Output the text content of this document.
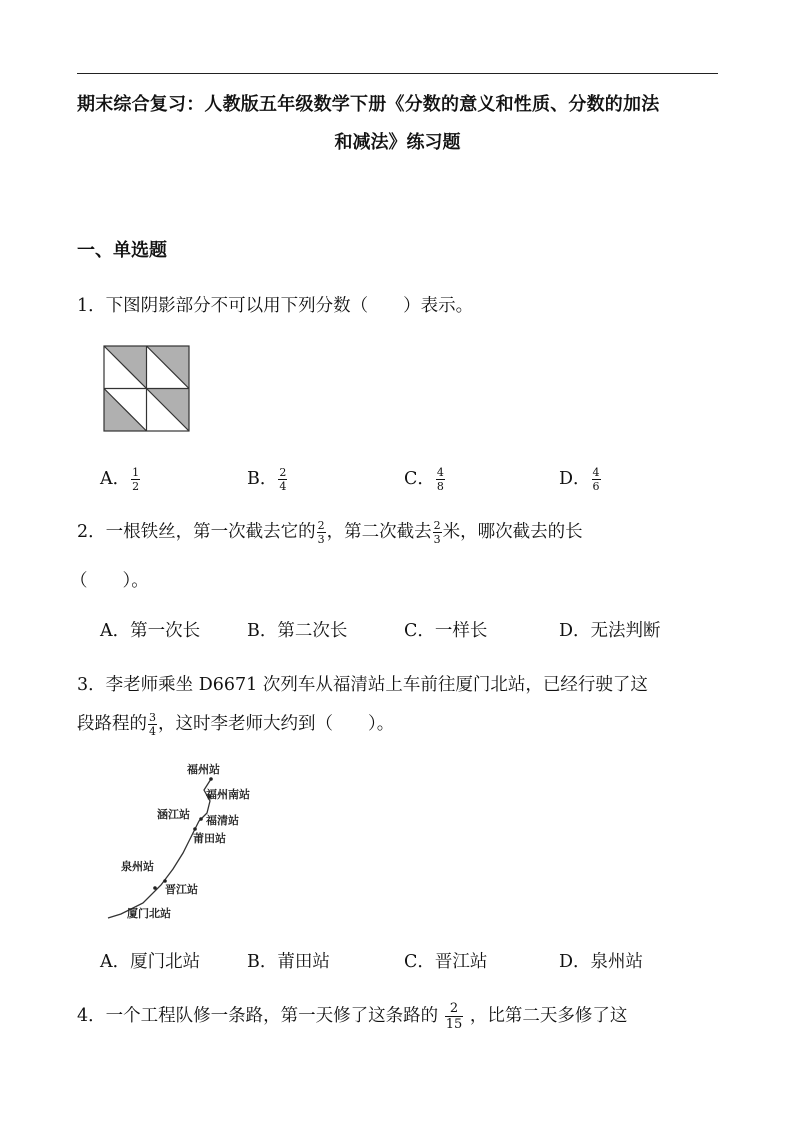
期末综合复习：人教版五年级数学下册《分数的意义和性质、分数的加法
和减法》练习题
一、单选题
1．下图阴影部分不可以用下列分数（　　）表示。
A． $\frac{1}{2}$	B． $\frac{2}{4}$	C． $\frac{4}{8}$	D． $\frac{4}{6}$
2．一根铁丝，第一次截去它的 $\frac{2}{3}$ ，第二次截去 $\frac{2}{3}$ 米，哪次截去的长
（　　）。
A．第一次长	B．第二次长	C．一样长	D．无法判断
3．李老师乘坐 D6671 次列车从福清站上车前往厦门北站，已经行驶了这
段路程的 $\frac{3}{4}$ ，这时李老师大约到（　　）。
福州站
福州南站
涵江站 福清站
莆田站
泉州站
晋江站
厦门北站
A．厦门北站	B．莆田站	C．晋江站	D．泉州站
4．一个工程队修一条路，第一天修了这条路的 $\frac{2}{15}$ ，比第二天多修了这
